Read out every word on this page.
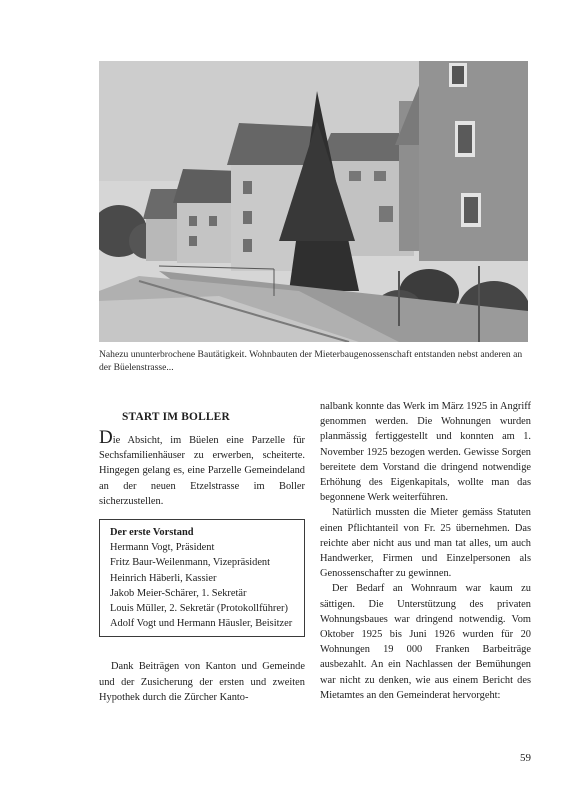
Nahezu ununterbrochene Bautätigkeit. Wohnbauten der Mieterbaugenossenschaft entstanden nebst anderen an der Büelenstrasse...
START IM BOLLER

Die Absicht, im Büelen eine Parzelle für Sechsfamilienhäuser zu erwerben, scheiterte. Hingegen gelang es, eine Parzelle Gemeindeland an der neuen Etzelstrasse im Boller sicherzustellen.

Der erste Vorstand
Hermann Vogt, Präsident
Fritz Baur-Weilenmann, Vizepräsident
Heinrich Häberli, Kassier
Jakob Meier-Schärer, 1. Sekretär
Louis Müller, 2. Sekretär (Protokollführer)
Adolf Vogt und Hermann Häusler, Beisitzer

Dank Beiträgen von Kanton und Gemeinde und der Zusicherung der ersten und zweiten Hypothek durch die Zürcher Kanto-

nalbank konnte das Werk im März 1925 in Angriff genommen werden. Die Wohnungen wurden planmässig fertiggestellt und konnten am 1. November 1925 bezogen werden. Gewisse Sorgen bereitete dem Vorstand die dringend notwendige Erhöhung des Eigenkapitals, wollte man das begonnene Werk weiterführen.

Natürlich mussten die Mieter gemäss Statuten einen Pflichtanteil von Fr. 25 übernehmen. Das reichte aber nicht aus und man tat alles, um auch Handwerker, Firmen und Einzelpersonen als Genossenschafter zu gewinnen.

Der Bedarf an Wohnraum war kaum zu sättigen. Die Unterstützung des privaten Wohnungsbaues war dringend notwendig. Vom Oktober 1925 bis Juni 1926 wurden für 20 Wohnungen 19 000 Franken Barbeiträge ausbezahlt. An ein Nachlassen der Bemühungen war nicht zu denken, wie aus einem Bericht des Mietamtes an den Gemeinderat hervorgeht:

59
